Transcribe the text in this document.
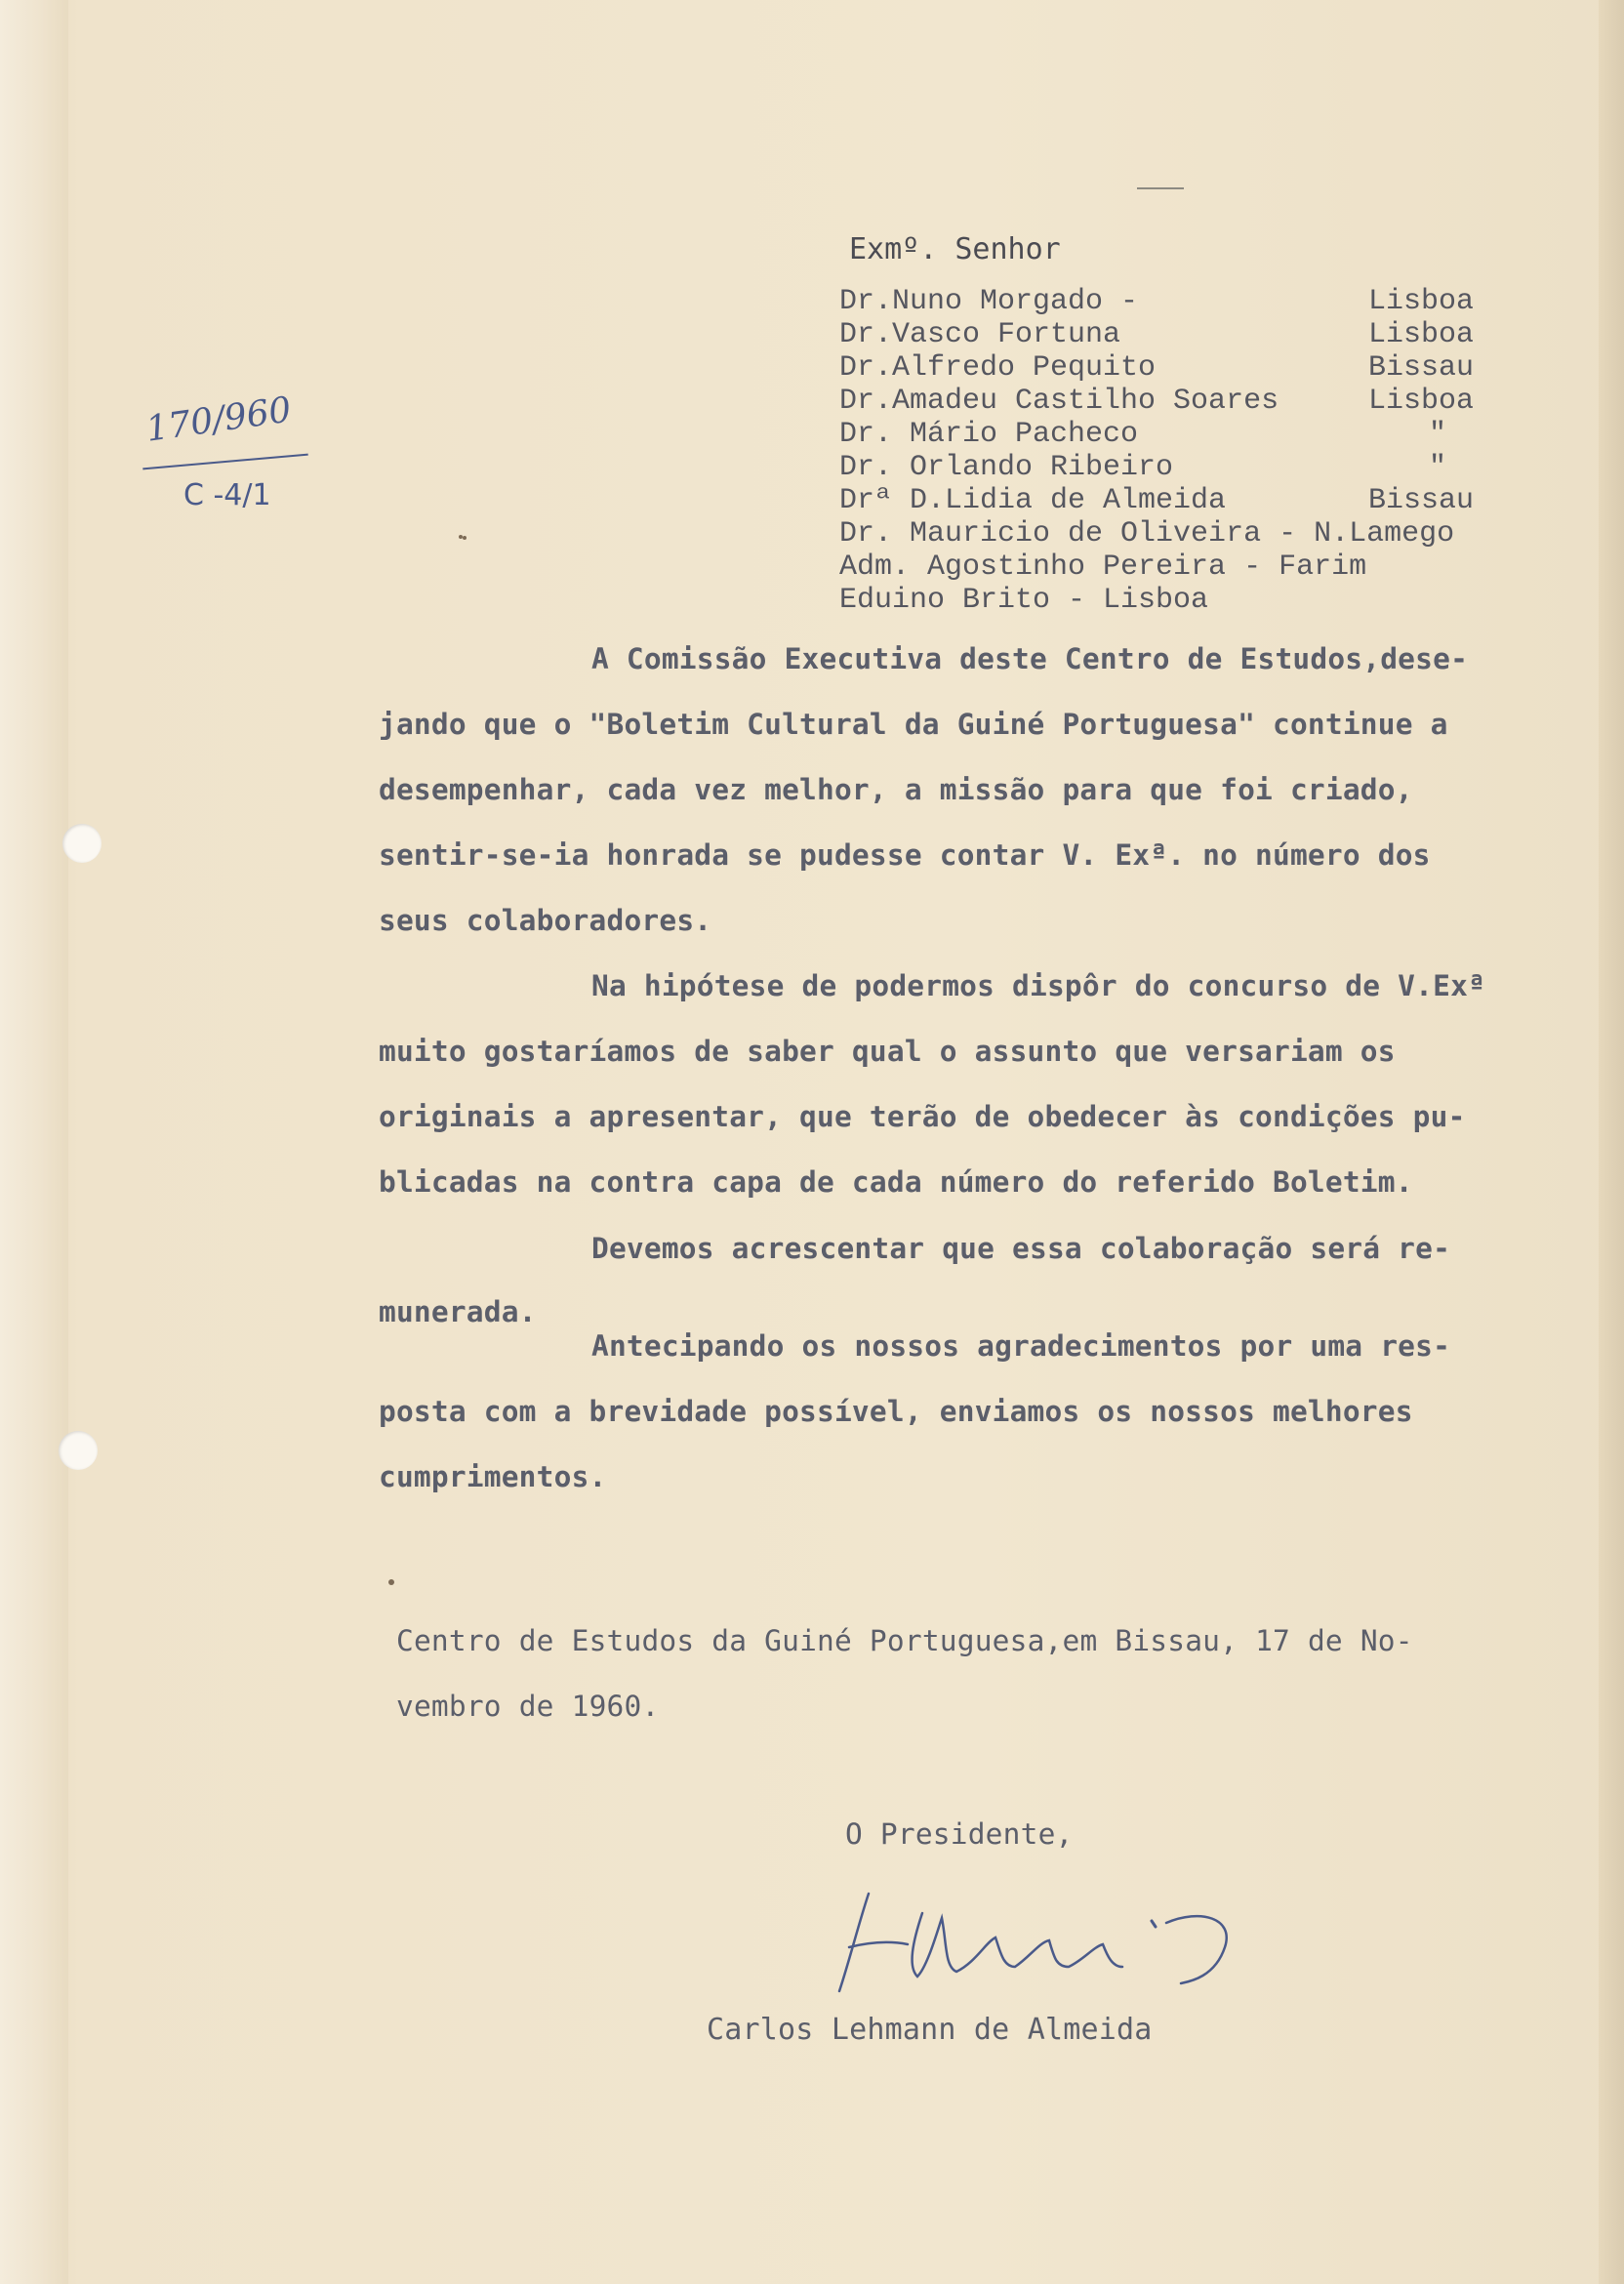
170/960
C -4/1
Exmº. Senhor
Dr.Nuno Morgado -	Lisboa
Dr.Vasco Fortuna	Lisboa
Dr.Alfredo Pequito	Bissau
Dr.Amadeu Castilho Soares	Lisboa
Dr. Mário Pacheco	"
Dr. Orlando Ribeiro	"
Drª D.Lidia de Almeida	Bissau
Dr. Mauricio de Oliveira - N.Lamego
Adm. Agostinho Pereira - Farim
Eduino Brito - Lisboa
A Comissão Executiva deste Centro de Estudos,dese-
jando que o "Boletim Cultural da Guiné Portuguesa" continue a
desempenhar, cada vez melhor, a missão para que foi criado,
sentir-se-ia honrada se pudesse contar V. Exª. no número dos
seus colaboradores.
Na hipótese de podermos dispôr do concurso de V.Exª
muito gostaríamos de saber qual o assunto que versariam os
originais a apresentar, que terão de obedecer às condições pu-
blicadas na contra capa de cada número do referido Boletim.
Devemos acrescentar que essa colaboração será re-
munerada.
Antecipando os nossos agradecimentos por uma res-
posta com a brevidade possível, enviamos os nossos melhores
cumprimentos.
Centro de Estudos da Guiné Portuguesa,em Bissau, 17 de No-
vembro de 1960.
O Presidente,
Carlos Lehmann de Almeida
